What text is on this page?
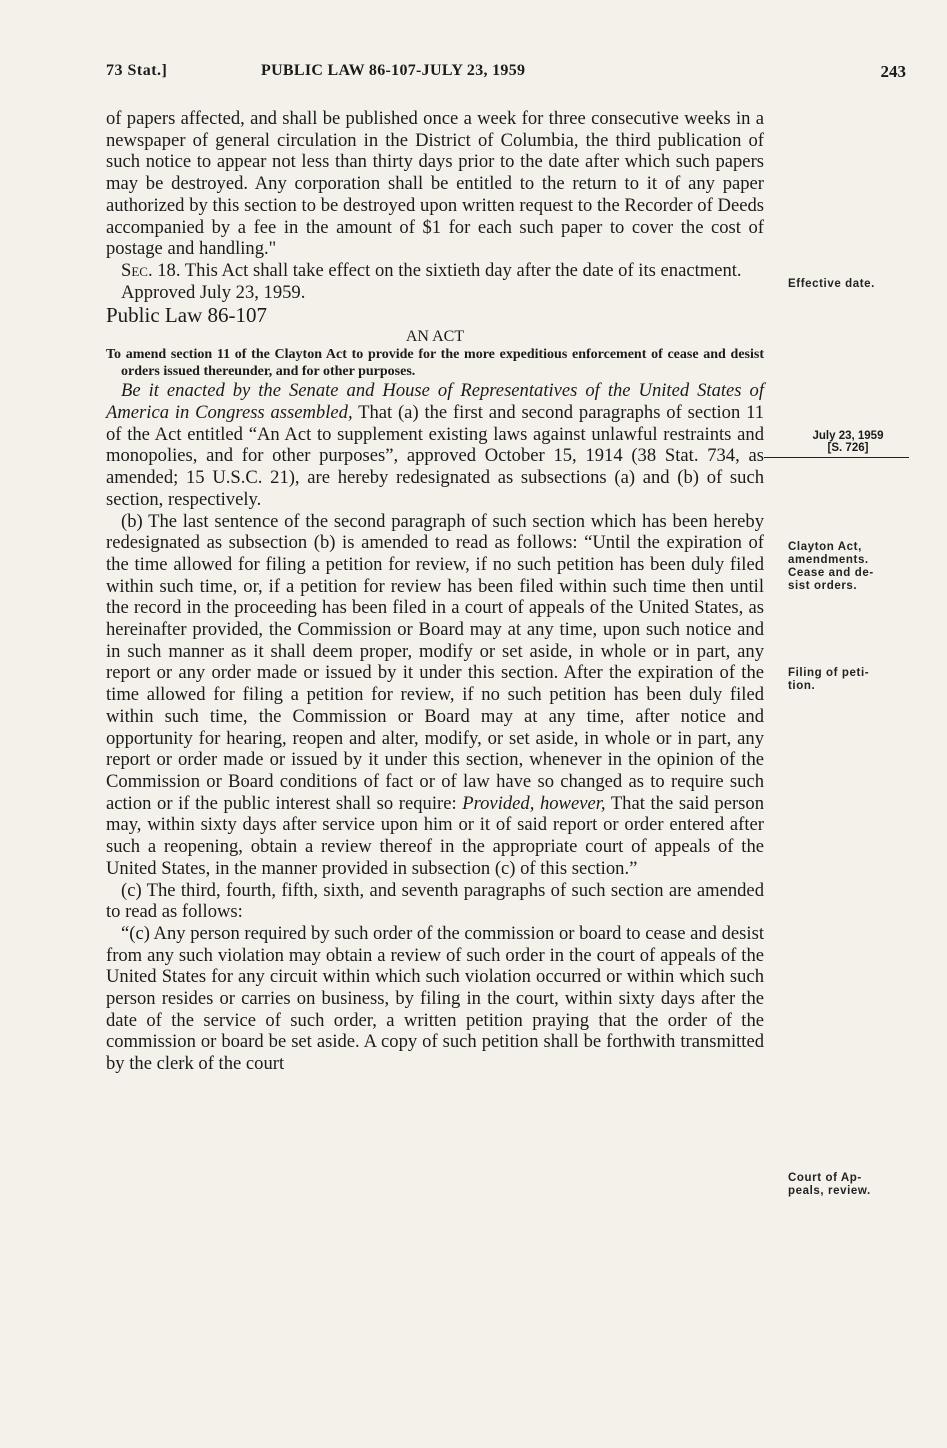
73 Stat.]	PUBLIC LAW 86-107-JULY 23, 1959	243

of papers affected, and shall be published once a week for three consecutive weeks in a newspaper of general circulation in the District of Columbia, the third publication of such notice to appear not less than thirty days prior to the date after which such papers may be destroyed. Any corporation shall be entitled to the return to it of any paper authorized by this section to be destroyed upon written request to the Recorder of Deeds accompanied by a fee in the amount of $1 for each such paper to cover the cost of postage and handling."

Sec. 18. This Act shall take effect on the sixtieth day after the date of its enactment.

Approved July 23, 1959.

Public Law 86-107

AN ACT

To amend section 11 of the Clayton Act to provide for the more expeditious enforcement of cease and desist orders issued thereunder, and for other purposes.

Be it enacted by the Senate and House of Representatives of the United States of America in Congress assembled, That (a) the first and second paragraphs of section 11 of the Act entitled “An Act to supplement existing laws against unlawful restraints and monopolies, and for other purposes”, approved October 15, 1914 (38 Stat. 734, as amended; 15 U.S.C. 21), are hereby redesignated as subsections (a) and (b) of such section, respectively.

(b) The last sentence of the second paragraph of such section which has been hereby redesignated as subsection (b) is amended to read as follows: “Until the expiration of the time allowed for filing a petition for review, if no such petition has been duly filed within such time, or, if a petition for review has been filed within such time then until the record in the proceeding has been filed in a court of appeals of the United States, as hereinafter provided, the Commission or Board may at any time, upon such notice and in such manner as it shall deem proper, modify or set aside, in whole or in part, any report or any order made or issued by it under this section. After the expiration of the time allowed for filing a petition for review, if no such petition has been duly filed within such time, the Commission or Board may at any time, after notice and opportunity for hearing, reopen and alter, modify, or set aside, in whole or in part, any report or order made or issued by it under this section, whenever in the opinion of the Commission or Board conditions of fact or of law have so changed as to require such action or if the public interest shall so require: Provided, however, That the said person may, within sixty days after service upon him or it of said report or order entered after such a reopening, obtain a review thereof in the appropriate court of appeals of the United States, in the manner provided in subsection (c) of this section.”

(c) The third, fourth, fifth, sixth, and seventh paragraphs of such section are amended to read as follows:

“(c) Any person required by such order of the commission or board to cease and desist from any such violation may obtain a review of such order in the court of appeals of the United States for any circuit within which such violation occurred or within which such person resides or carries on business, by filing in the court, within sixty days after the date of the service of such order, a written petition praying that the order of the commission or board be set aside. A copy of such petition shall be forthwith transmitted by the clerk of the court

Effective date.
July 23, 1959
[S. 726]
Clayton Act,
amendments.
Cease and de-
sist orders.
Filing of peti-
tion.
Court of Ap-
peals, review.
